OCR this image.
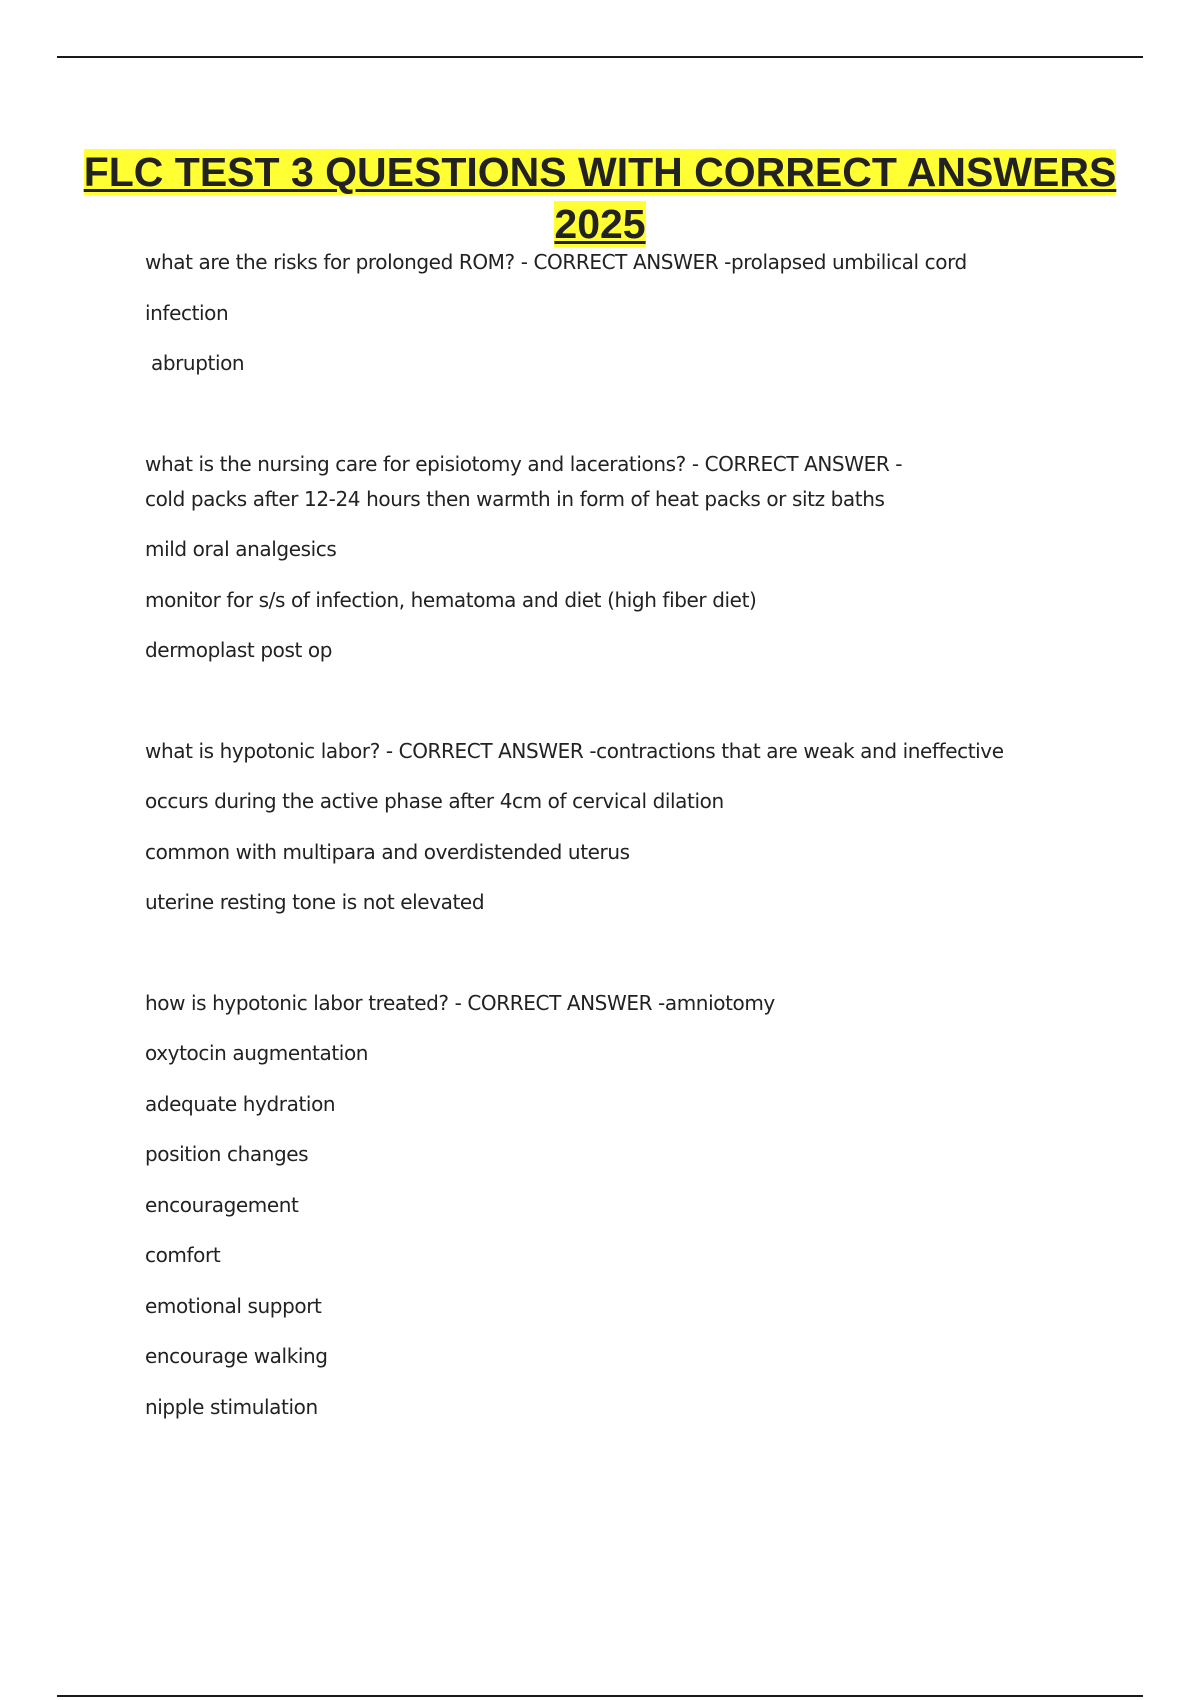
FLC TEST 3 QUESTIONS WITH CORRECT ANSWERS 2025

what are the risks for prolonged ROM? - CORRECT ANSWER -prolapsed umbilical cord

infection

abruption

what is the nursing care for episiotomy and lacerations? - CORRECT ANSWER -

cold packs after 12-24 hours then warmth in form of heat packs or sitz baths

mild oral analgesics

monitor for s/s of infection, hematoma and diet (high fiber diet)

dermoplast post op

what is hypotonic labor? - CORRECT ANSWER -contractions that are weak and ineffective

occurs during the active phase after 4cm of cervical dilation

common with multipara and overdistended uterus

uterine resting tone is not elevated

how is hypotonic labor treated? - CORRECT ANSWER -amniotomy

oxytocin augmentation

adequate hydration

position changes

encouragement

comfort

emotional support

encourage walking

nipple stimulation
